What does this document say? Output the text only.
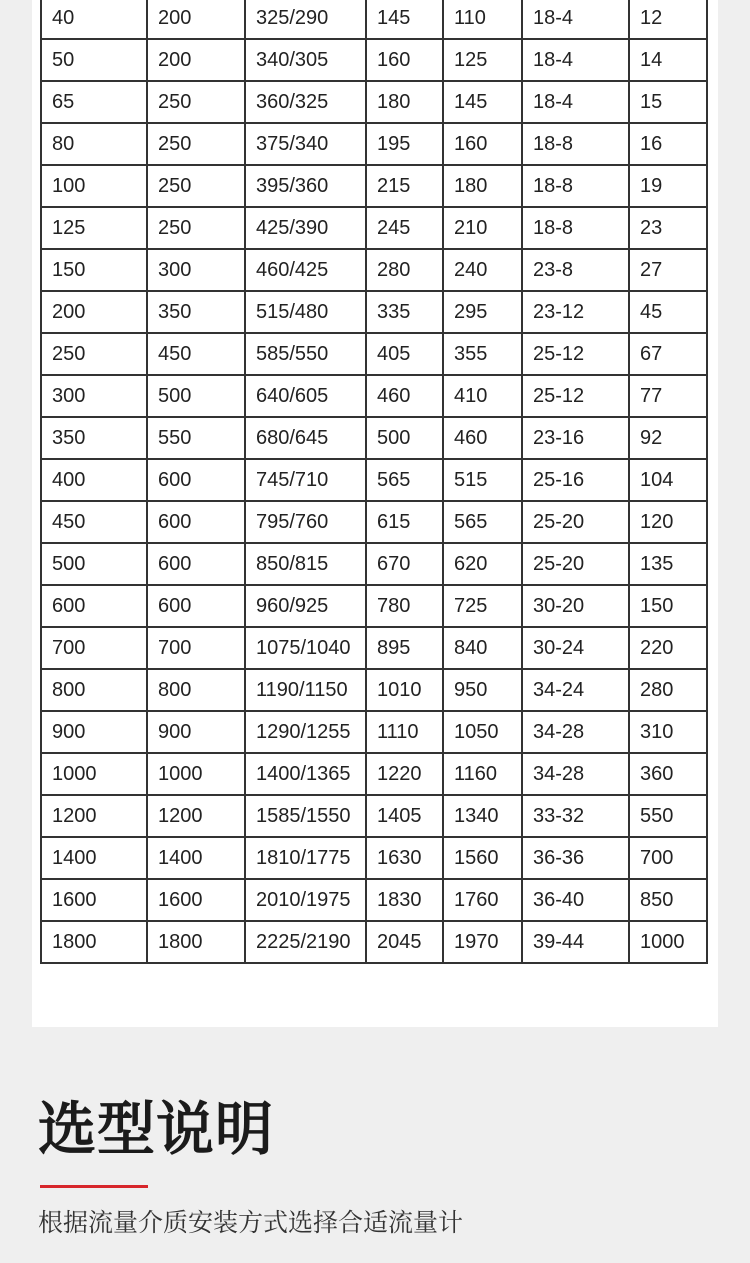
40	200	325/290	145	110	18-4	12
50	200	340/305	160	125	18-4	14
65	250	360/325	180	145	18-4	15
80	250	375/340	195	160	18-8	16
100	250	395/360	215	180	18-8	19
125	250	425/390	245	210	18-8	23
150	300	460/425	280	240	23-8	27
200	350	515/480	335	295	23-12	45
250	450	585/550	405	355	25-12	67
300	500	640/605	460	410	25-12	77
350	550	680/645	500	460	23-16	92
400	600	745/710	565	515	25-16	104
450	600	795/760	615	565	25-20	120
500	600	850/815	670	620	25-20	135
600	600	960/925	780	725	30-20	150
700	700	1075/1040	895	840	30-24	220
800	800	1190/1150	1010	950	34-24	280
900	900	1290/1255	1110	1050	34-28	310
1000	1000	1400/1365	1220	1160	34-28	360
1200	1200	1585/1550	1405	1340	33-32	550
1400	1400	1810/1775	1630	1560	36-36	700
1600	1600	2010/1975	1830	1760	36-40	850
1800	1800	2225/2190	2045	1970	39-44	1000
选型说明

根据流量介质安装方式选择合适流量计
